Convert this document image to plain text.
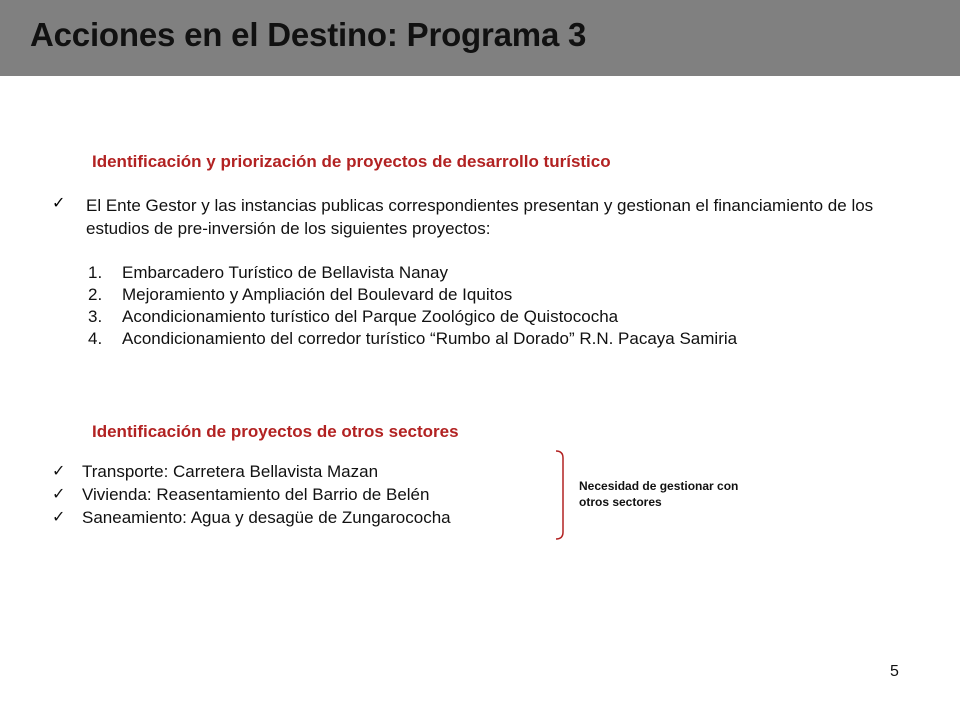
Acciones en el Destino: Programa 3
Identificación y priorización de proyectos de desarrollo turístico
✓ El Ente Gestor y las instancias publicas correspondientes presentan y gestionan el financiamiento de los estudios de pre-inversión de los siguientes proyectos:
1. Embarcadero Turístico de Bellavista Nanay
2. Mejoramiento y Ampliación del Boulevard de Iquitos
3. Acondicionamiento turístico del Parque Zoológico de Quistococha
4. Acondicionamiento del corredor turístico “Rumbo al Dorado” R.N. Pacaya Samiria
Identificación de proyectos de otros sectores
✓ Transporte: Carretera Bellavista Mazan
✓ Vivienda: Reasentamiento del Barrio de Belén
✓ Saneamiento: Agua y desagüe de Zungarococha
Necesidad de gestionar con otros sectores
5
